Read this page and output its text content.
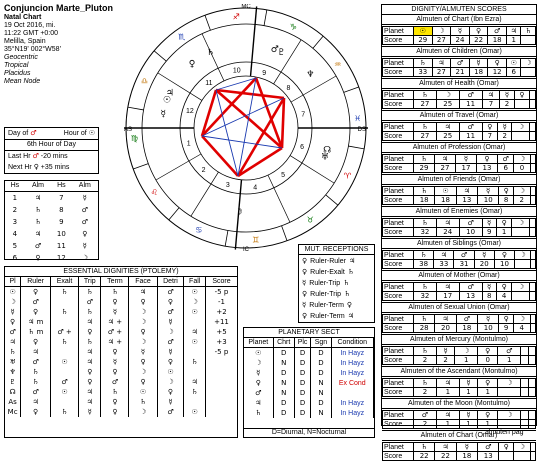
Conjuncion Marte_Pluton
Natal Chart
19 Oct 2016, mi.
11:22 GMT +0:00
Melilla, Spain
35°N19' 002°W58'
Geocentric
Tropical
Placidus
Mean Node
Day of ♂	Hour of ☉
6th Hour of Day
Last Hr ♂ -20 mins
Next Hr ♀ +35 mins
Hs	Alm	Hs	Alm
1	♃	7	☿
2	♄	8	♂
3	♄	9	♂
4	♃	10	♀
5	♂	11	☿
6	♀	12	☽
ESSENTIAL DIGNITIES (PTOLEMY)
Pl	Ruler	Exalt	Trip	Term	Face	Detri	Fall	Score
☉	♀	♄	♄	♄	♃	♂	☉	-5 p
☽	♂		♂	♀	♀	♀	☽	-1
☿	♀	♄	♄	☿	☽	♂	☉	+2
♀	♃ m		♃	♃ +	☽	☿		+11
♂	♄ m	♂ +	♀	♂ +	♀	☽	♃	+5
♃	♀	♄	♄	♃ +	☽	♂	☉	+3
♄	♃		♃	♀	☿	☿		-5 p
♅	♂	☉	♃	☿	♀	♀	♄	
♆	♄		♀	♀	☽	☉		
♇	♄	♂	♀	♂	♀	☽	♃	
☊	♂	☉	♃	♄	☉	♀	♄	
As	♃		♃	♀	♄	☿		
Mc	♀	♄	☿	♀	☽	♂	☉	
1
2
3	4
5
6
7
8
9
10
11
12
AS	DS
MC
IC
♈
♉
♊
♋
♌
♍
♎
♏
♐
♑
♒
♓
☉
☿
♀
♂
♃
♄
♅
♆
♇
☽
☊
MUT. RECEPTIONS
♀ Ruler-Ruler ♃
♀ Ruler-Exalt ♄
☿ Ruler-Trip ♄
♀ Ruler-Trip ♄
☿ Ruler-Term ♀
♀ Ruler-Term ♃
PLANETARY SECT
Planet	Chrt	Plc	Sgn	Condition
☉	D	D	D	In Hayz
☽	N	D	D	In Hayz
☿	D	D	D	In Hayz
♀	N	D	N	Ex Cond
♂	N	D	N	
♃	D	D	D	In Hayz
♄	D	D	N	In Hayz
D=Diurnal, N=Nocturnal
DIGNITY/ALMUTEN SCORES
Almuten of Chart (Ibn Ezra)
Planet	☉	☽	☿	♀	♂	♃	♄
Score	29	27	24	22	18	1	
Almuten of Children (Omar)
Planet	♄	♃	♂	☿	♀	☉	☽
Score	33	27	21	18	12	6	
Almuten of Health (Omar)
Planet	♄	☽	♂	♃	☿	♀	
Score	27	25	11	7	2		
Almuten of Travel (Omar)
Planet	♄	♃	♂	♀	☿	☽	
Score	27	25	11	7	2		
Almuten of Profession (Omar)
Planet	♄	♃	☿	♀	♂	☽	
Score	29	27	17	13	6	0	
Almuten of Friends (Omar)
Planet	♄	☉	♃	☿	♀	☽	
Score	18	18	13	10	8	2	
Almuten of Enemies (Omar)
Planet	♄	♃	♂	☿	♀	☽	
Score	32	24	10	9	1		
Almuten of Siblings (Omar)
Planet	♄	♃	♂	☿	♀	☽	
Score	38	33	31	20	10		
Almuten of Mother (Omar)
Planet	♄	♃	♂	☿	♀	☽	
Score	32	17	13	8	4		
Almuten of Sexual Union (Omar)
Planet	♄	♃	♂	☿	♀	☽	
Score	28	20	18	10	9	4	
Almuten of Mercury (Montulmo)
Planet	♄	☿	☽	♀	♂		
Score	2	2	1	0	1		
Almuten of the Ascendant (Montulmo)
Planet	♄	♃	☿	♀	☽		
Score	2	1	1	1			
Almuten of the Moon (Montulmo)
Planet	♂	♃	☿	♀	☽		
Score	2	1	1	1			
Almuten of Chart (Omar)
Planet	♄	♃	☿	♂	♀	☽	
Score	22	22	18	13			
almuten pag
